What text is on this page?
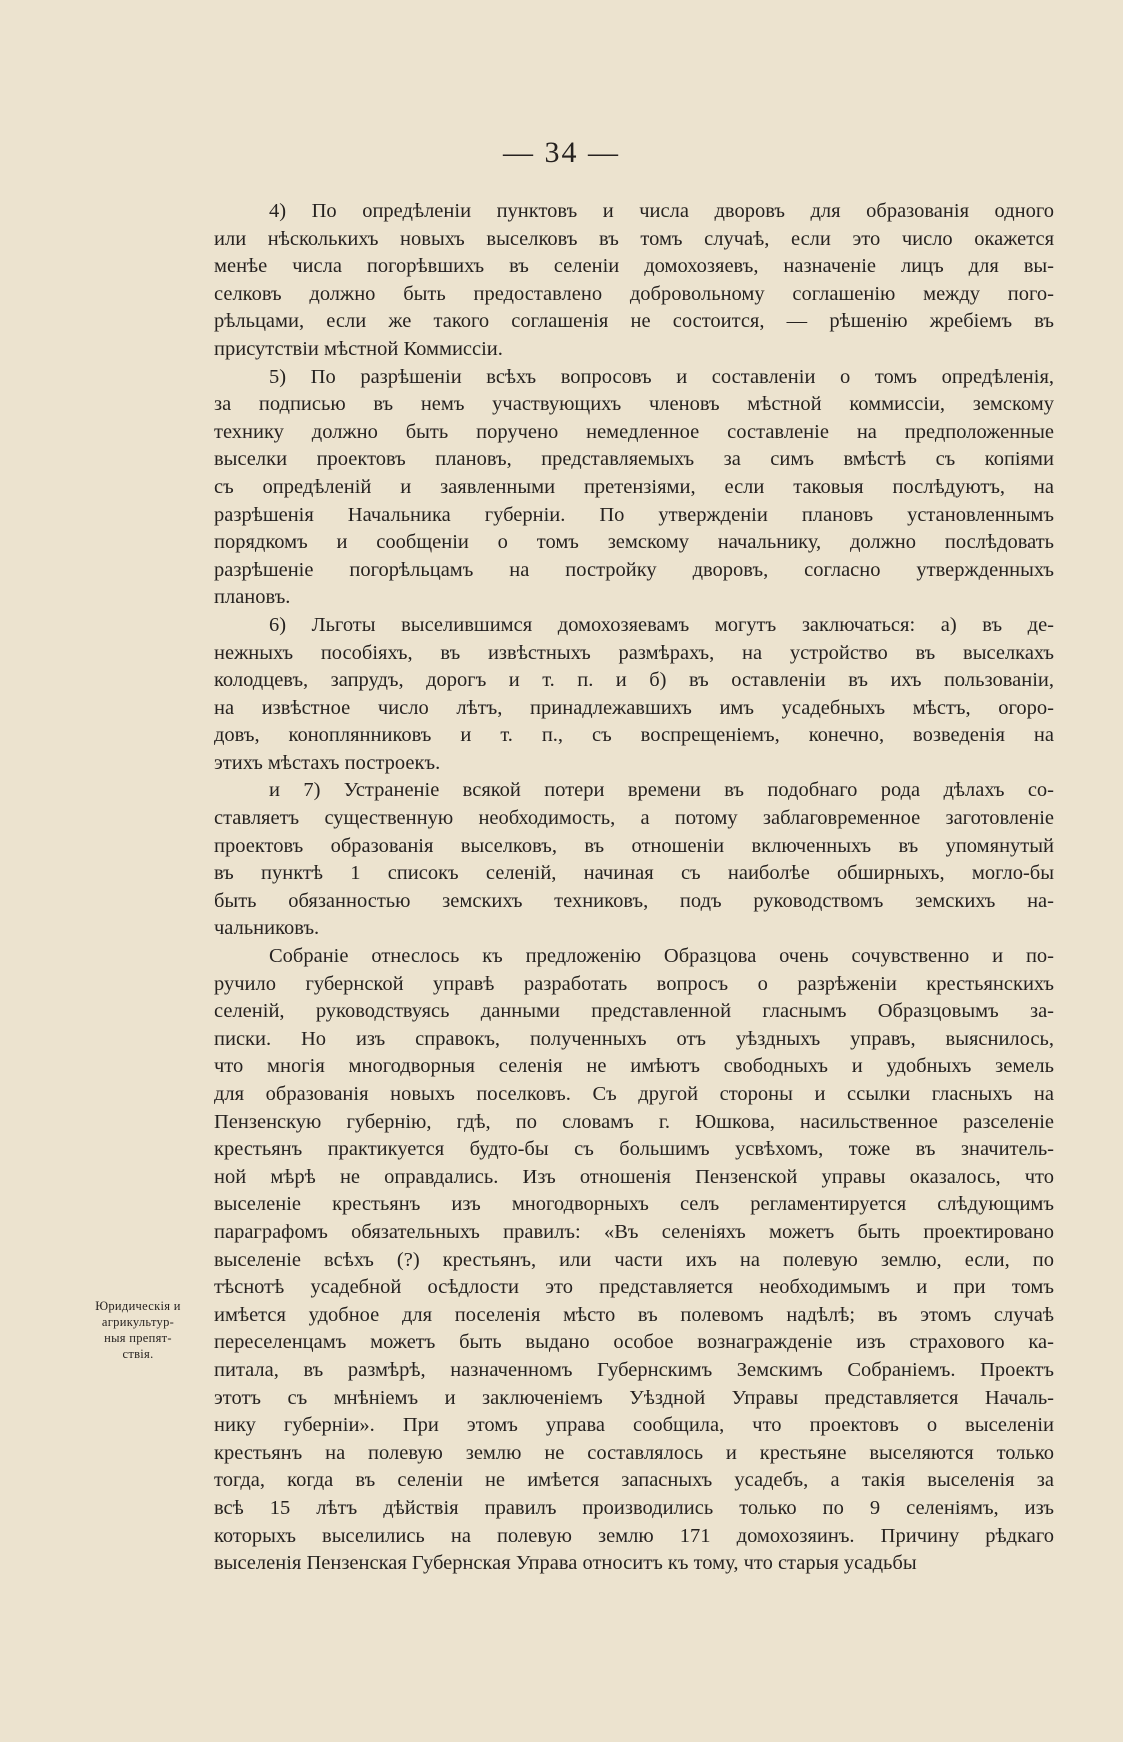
— 34 —
Юридическія и
агрикультур-
ныя препят-
ствія.
4) По опредѣленіи пунктовъ и числа дворовъ для образованія одного
или нѣсколькихъ новыхъ выселковъ въ томъ случаѣ, если это число окажется
менѣе числа погорѣвшихъ въ селеніи домохозяевъ, назначеніе лицъ для вы-
селковъ должно быть предоставлено добровольному соглашенію между пого-
рѣльцами, если же такого соглашенія не состоится, — рѣшенію жребіемъ въ
присутствіи мѣстной Коммиссіи.
5) По разрѣшеніи всѣхъ вопросовъ и составленіи о томъ опредѣленія,
за подписью въ немъ участвующихъ членовъ мѣстной коммиссіи, земскому
технику должно быть поручено немедленное составленіе на предположенные
выселки проектовъ плановъ, представляемыхъ за симъ вмѣстѣ съ копіями
съ опредѣленій и заявленными претензіями, если таковыя послѣдуютъ, на
разрѣшенія Начальника губерніи. По утвержденіи плановъ установленнымъ
порядкомъ и сообщеніи о томъ земскому начальнику, должно послѣдовать
разрѣшеніе погорѣльцамъ на постройку дворовъ, согласно утвержденныхъ
плановъ.
6) Льготы выселившимся домохозяевамъ могутъ заключаться: а) въ де-
нежныхъ пособіяхъ, въ извѣстныхъ размѣрахъ, на устройство въ выселкахъ
колодцевъ, запрудъ, дорогъ и т. п. и б) въ оставленіи въ ихъ пользованіи,
на извѣстное число лѣтъ, принадлежавшихъ имъ усадебныхъ мѣстъ, огоро-
довъ, коноплянниковъ и т. п., съ воспрещеніемъ, конечно, возведенія на
этихъ мѣстахъ построекъ.
и 7) Устраненіе всякой потери времени въ подобнаго рода дѣлахъ со-
ставляетъ существенную необходимость, а потому заблаговременное заготовленіе
проектовъ образованія выселковъ, въ отношеніи включенныхъ въ упомянутый
въ пунктѣ 1 списокъ селеній, начиная съ наиболѣе обширныхъ, могло-бы
быть обязанностью земскихъ техниковъ, подъ руководствомъ земскихъ на-
чальниковъ.
Собраніе отнеслось къ предложенію Образцова очень сочувственно и по-
ручило губернской управѣ разработать вопросъ о разрѣженіи крестьянскихъ
селеній, руководствуясь данными представленной гласнымъ Образцовымъ за-
пиcки. Но изъ справокъ, полученныхъ отъ уѣздныхъ управъ, выяснилось,
что многія многодворныя селенія не имѣютъ свободныхъ и удобныхъ земель
для образованія новыхъ поселковъ. Съ другой стороны и ссылки гласныхъ на
Пензенскую губернію, гдѣ, по словамъ г. Юшкова, насильственное разселеніе
крестьянъ практикуется будто-бы съ большимъ усвѣхомъ, тоже въ значитель-
ной мѣрѣ не оправдались. Изъ отношенія Пензенской управы оказалось, что
выселеніе крестьянъ изъ многодворныхъ селъ регламентируется слѣдующимъ
параграфомъ обязательныхъ правилъ: «Въ селеніяхъ можетъ быть проектировано
выселеніе всѣхъ (?) крестьянъ, или части ихъ на полевую землю, если, по
тѣснотѣ усадебной осѣдлости это представляется необходимымъ и при томъ
имѣется удобное для поселенія мѣсто въ полевомъ надѣлѣ; въ этомъ случаѣ
переселенцамъ можетъ быть выдано особое вознагражденіе изъ страхового ка-
питала, въ размѣрѣ, назначенномъ Губернскимъ Земскимъ Собраніемъ. Проектъ
этотъ съ мнѣніемъ и заключеніемъ Уѣздной Управы представляется Началь-
нику губерніи». При этомъ управа сообщила, что проектовъ о выселеніи
крестьянъ на полевую землю не составлялось и крестьяне выселяются только
тогда, когда въ селеніи не имѣется запасныхъ усадебъ, а такія выселенія за
всѣ 15 лѣтъ дѣйствія правилъ производились только по 9 селеніямъ, изъ
которыхъ выселились на полевую землю 171 домохозяинъ. Причину рѣдкаго
выселенія Пензенская Губернская Управа относитъ къ тому, что старыя усадьбы
